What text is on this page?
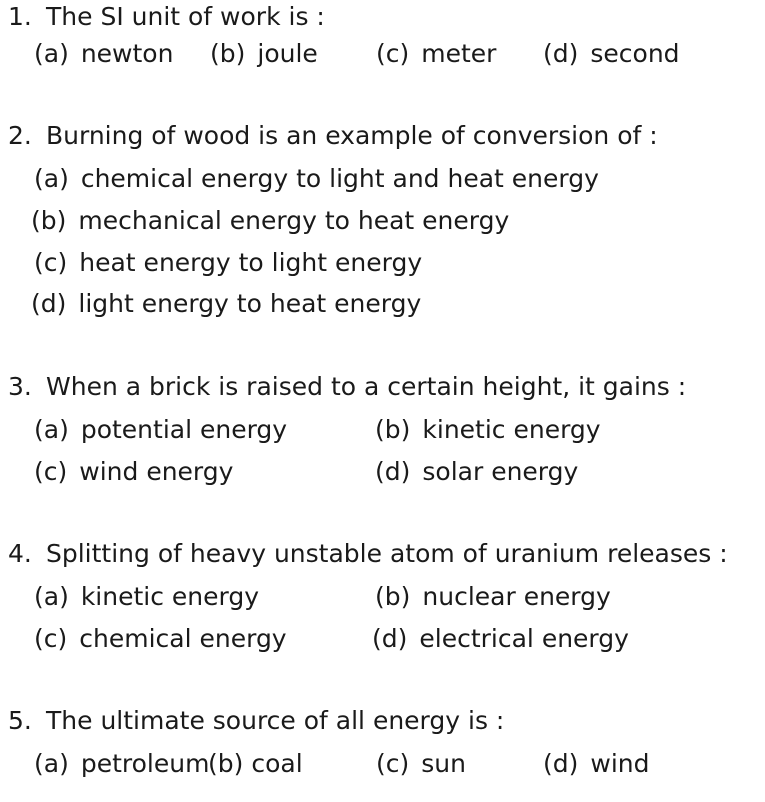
1. The SI unit of work is :
(a) newton (b) joule (c) meter (d) second
2. Burning of wood is an example of conversion of :
(a) chemical energy to light and heat energy
(b) mechanical energy to heat energy
(c) heat energy to light energy
(d) light energy to heat energy
3. When a brick is raised to a certain height, it gains :
(a) potential energy	(b) kinetic energy
(c) wind energy	(d) solar energy
4. Splitting of heavy unstable atom of uranium releases :
(a) kinetic energy	(b) nuclear energy
(c) chemical energy	(d) electrical energy
5. The ultimate source of all energy is :
(a) petroleum
(b) coal	(c) sun	(d) wind
